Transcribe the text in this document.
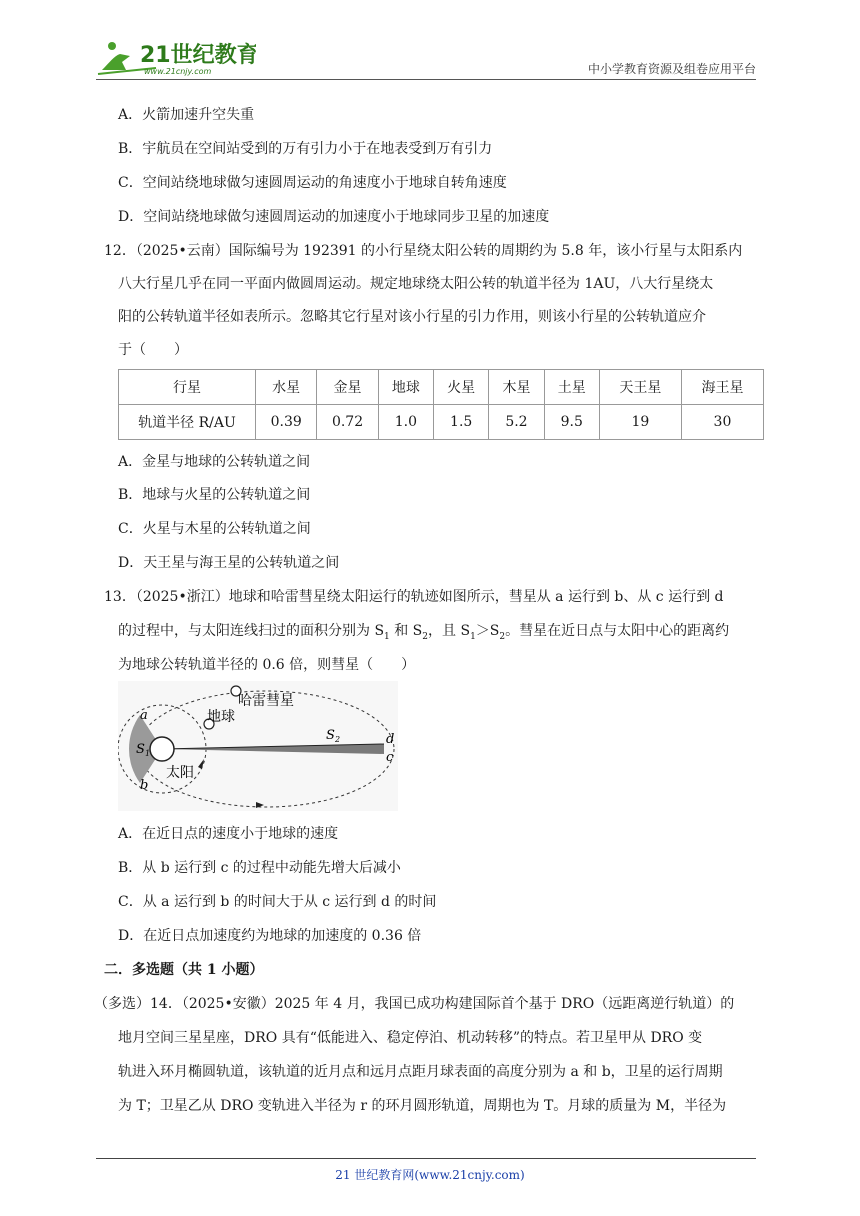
21世纪教育
www.21cnjy.com	中小学教育资源及组卷应用平台
A．火箭加速升空失重
B．宇航员在空间站受到的万有引力小于在地表受到万有引力
C．空间站绕地球做匀速圆周运动的角速度小于地球自转角速度
D．空间站绕地球做匀速圆周运动的加速度小于地球同步卫星的加速度
12．（2025•云南）国际编号为 192391 的小行星绕太阳公转的周期约为 5.8 年，该小行星与太阳系内
八大行星几乎在同一平面内做圆周运动。规定地球绕太阳公转的轨道半径为 1AU，八大行星绕太
阳的公转轨道半径如表所示。忽略其它行星对该小行星的引力作用，则该小行星的公转轨道应介
于（　　）
行星	水星	金星	地球	火星	木星	土星	天王星	海王星
轨道半径 R/AU	0.39	0.72	1.0	1.5	5.2	9.5	19	30
A．金星与地球的公转轨道之间
B．地球与火星的公转轨道之间
C．火星与木星的公转轨道之间
D．天王星与海王星的公转轨道之间
13．（2025•浙江）地球和哈雷彗星绕太阳运行的轨迹如图所示，彗星从 a 运行到 b、从 c 运行到 d
的过程中，与太阳连线扫过的面积分别为 $S_1$ 和 $S_2$，且 $S_1>S_2$。彗星在近日点与太阳中心的距离约
为地球公转轨道半径的 0.6 倍，则彗星（　　）
哈雷彗星
地球
太阳
S 1
S 2
a
b
c
d
A．在近日点的速度小于地球的速度
B．从 b 运行到 c 的过程中动能先增大后减小
C．从 a 运行到 b 的时间大于从 c 运行到 d 的时间
D．在近日点加速度约为地球的加速度的 0.36 倍
二．多选题（共 1 小题）
（多选）14．（2025•安徽）2025 年 4 月，我国已成功构建国际首个基于 DRO（远距离逆行轨道）的
地月空间三星星座，DRO 具有“低能进入、稳定停泊、机动转移”的特点。若卫星甲从 DRO 变
轨进入环月椭圆轨道，该轨道的近月点和远月点距月球表面的高度分别为 a 和 b，卫星的运行周期
为 T；卫星乙从 DRO 变轨进入半径为 r 的环月圆形轨道，周期也为 T。月球的质量为 M，半径为
21 世纪教育网(www.21cnjy.com)
